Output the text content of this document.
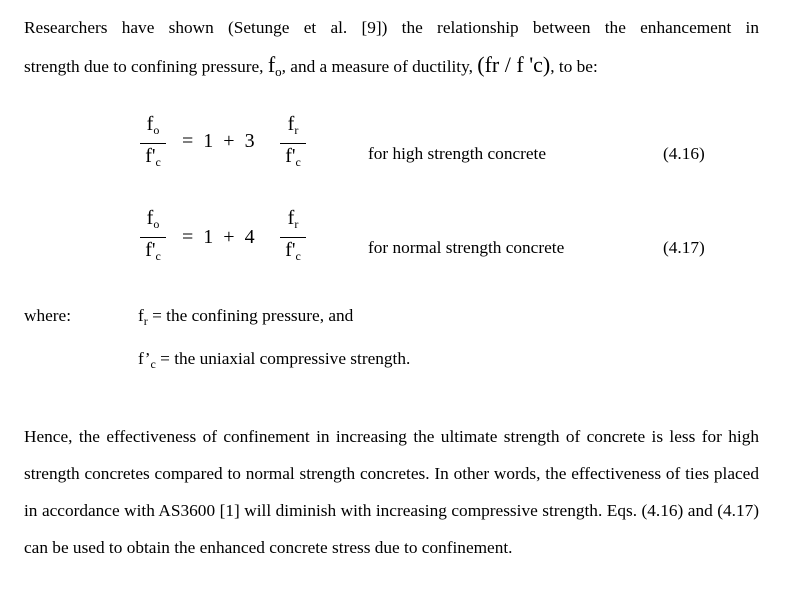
Researchers have shown (Setunge et al. [9]) the relationship between the enhancement in
strength due to confining pressure, $f_o$, and a measure of ductility, (fr / f 'c), to be:
$\frac{f_o}{f'_c} = 1 + 3 \frac{f_r}{f'_c}$	for high strength concrete	(4.16)
$\frac{f_o}{f'_c} = 1 + 4 \frac{f_r}{f'_c}$	for normal strength concrete	(4.17)
where:	$f_r$ = the confining pressure, and
$f’_c$ = the uniaxial compressive strength.
Hence, the effectiveness of confinement in increasing the ultimate strength of concrete is less for high strength concretes compared to normal strength concretes. In other words, the effectiveness of ties placed in accordance with AS3600 [1] will diminish with increasing compressive strength. Eqs. (4.16) and (4.17) can be used to obtain the enhanced concrete stress due to confinement.
